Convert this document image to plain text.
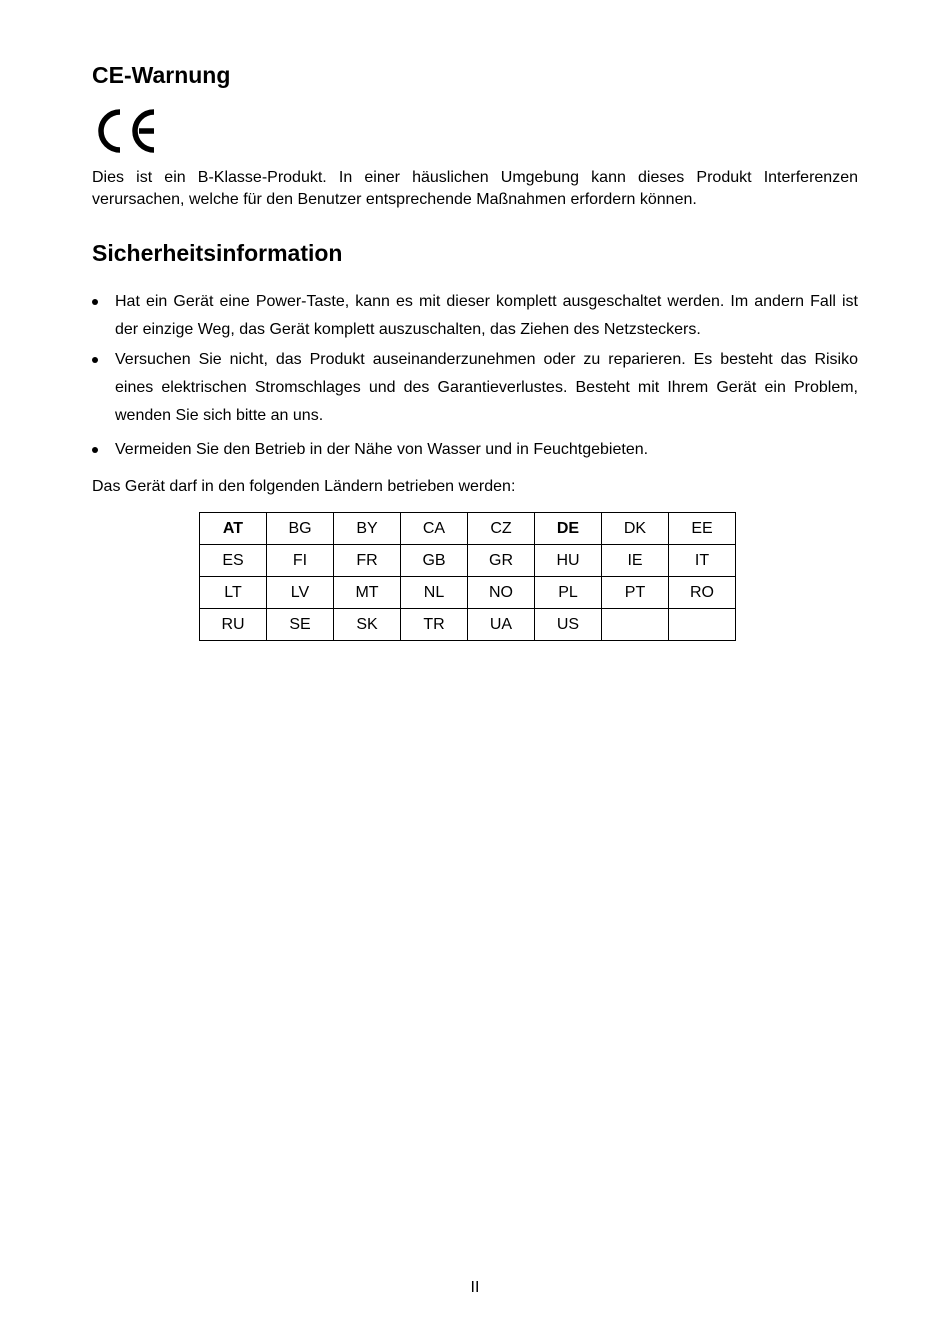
CE-Warnung

Dies ist ein B-Klasse-Produkt. In einer häuslichen Umgebung kann dieses Produkt Interferenzen verursachen, welche für den Benutzer entsprechende Maßnahmen erfordern können.

Sicherheitsinformation
Hat ein Gerät eine Power-Taste, kann es mit dieser komplett ausgeschaltet werden. Im andern Fall ist der einzige Weg, das Gerät komplett auszuschalten, das Ziehen des Netzsteckers.
Versuchen Sie nicht, das Produkt auseinanderzunehmen oder zu reparieren. Es besteht das Risiko eines elektrischen Stromschlages und des Garantieverlustes. Besteht mit Ihrem Gerät ein Problem, wenden Sie sich bitte an uns.
Vermeiden Sie den Betrieb in der Nähe von Wasser und in Feuchtgebieten.

Das Gerät darf in den folgenden Ländern betrieben werden:

AT	BG	BY	CA	CZ	DE	DK	EE
ES	FI	FR	GB	GR	HU	IE	IT
LT	LV	MT	NL	NO	PL	PT	RO
RU	SE	SK	TR	UA	US		
II
